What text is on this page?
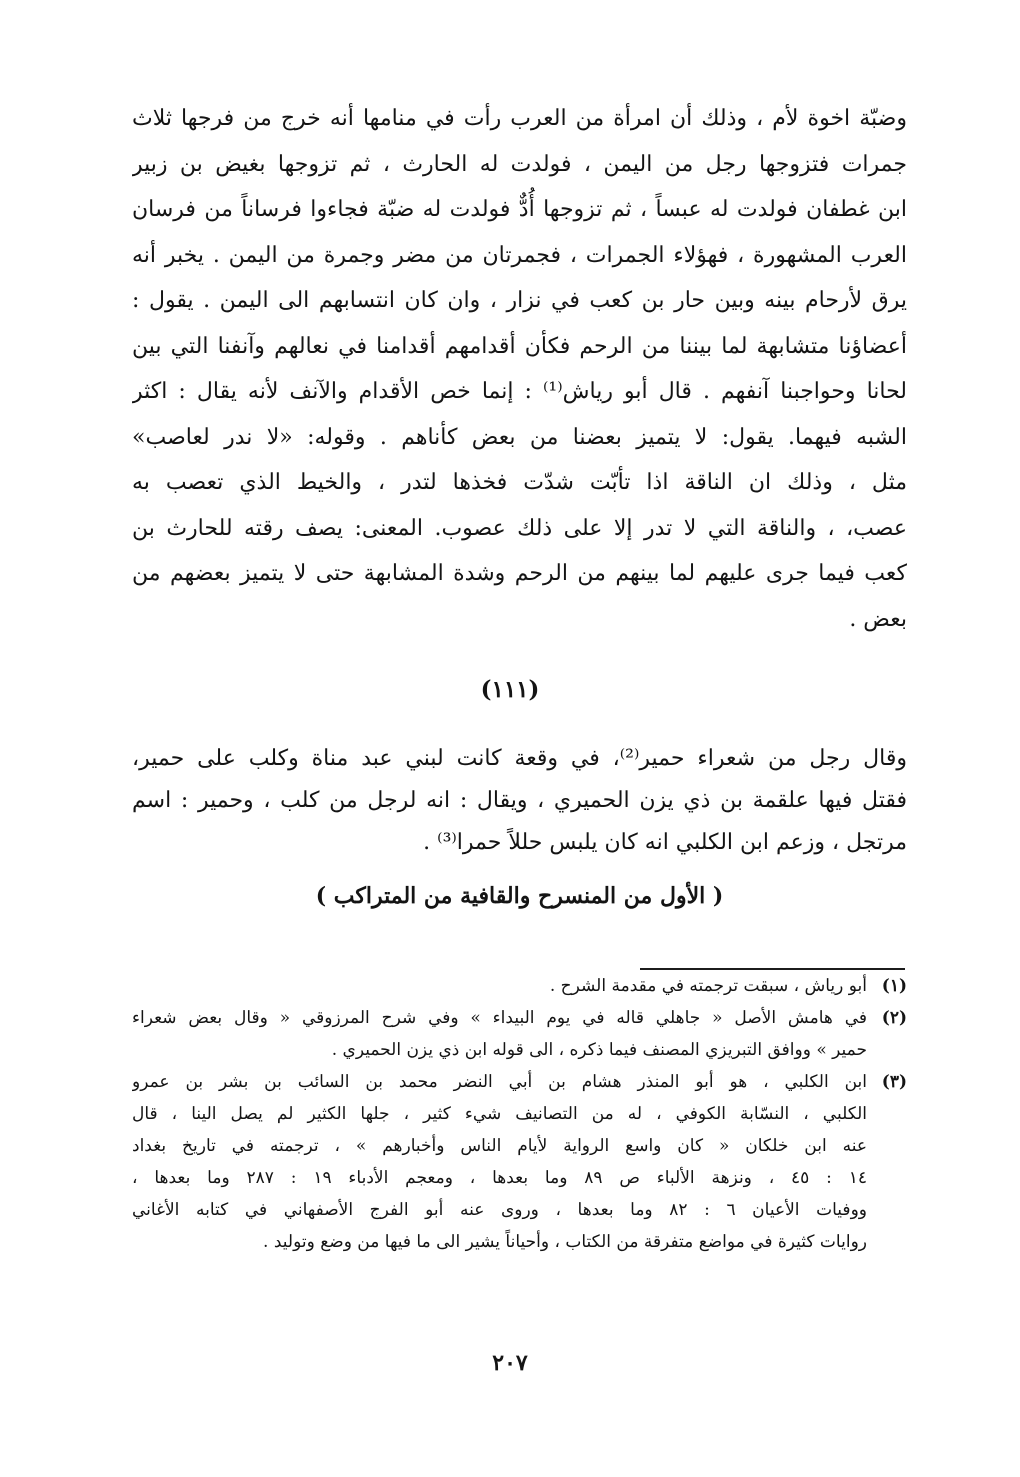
وضبّة اخوة لأم ، وذلك أن امرأة من العرب رأت في منامها أنه خرج من فرجها ثلاث
جمرات فتزوجها رجل من اليمن ، فولدت له الحارث ، ثم تزوجها بغيض بن زبير
ابن غطفان فولدت له عبساً ، ثم تزوجها أُدٌّ فولدت له ضبّة فجاءوا فرساناً من فرسان
العرب المشهورة ، فهؤلاء الجمرات ، فجمرتان من مضر وجمرة من اليمن . يخبر أنه
يرق لأرحام بينه وبين حار بن كعب في نزار ، وان كان انتسابهم الى اليمن . يقول :
أعضاؤنا متشابهة لما بيننا من الرحم فكأن أقدامهم أقدامنا في نعالهم وآنفنا التي بين
لحانا وحواجبنا آنفهم . قال أبو رياش⁽¹⁾ : إنما خص الأقدام والآنف لأنه يقال : اكثر
الشبه فيهما. يقول: لا يتميز بعضنا من بعض كأناهم . وقوله: «لا ندر لعاصب»
مثل ، وذلك ان الناقة اذا تأبّت شدّت فخذها لتدر ، والخيط الذي تعصب به
عصب، ، والناقة التي لا تدر إلا على ذلك عصوب. المعنى: يصف رقته للحارث بن
كعب فيما جرى عليهم لما بينهم من الرحم وشدة المشابهة حتى لا يتميز بعضهم من
بعض .
(١١١)
وقال رجل من شعراء حمير⁽²⁾، في وقعة كانت لبني عبد مناة وكلب على حمير،
فقتل فيها علقمة بن ذي يزن الحميري ، ويقال : انه لرجل من كلب ، وحمير : اسم
مرتجل ، وزعم ابن الكلبي انه كان يلبس حللاً حمرا⁽³⁾ .
( الأول من المنسرح والقافية من المتراكب )
(١)
أبو رياش ، سبقت ترجمته في مقدمة الشرح .
(٢)
في هامش الأصل « جاهلي قاله في يوم البيداء » وفي شرح المرزوقي « وقال بعض شعراء
حمير » ووافق التبريزي المصنف فيما ذكره ، الى قوله ابن ذي يزن الحميري .
(٣)
ابن الكلبي ، هو أبو المنذر هشام بن أبي النضر محمد بن السائب بن بشر بن عمرو
الكلبي ، النسّابة الكوفي ، له من التصانيف شيء كثير ، جلها الكثير لم يصل الينا ، قال
عنه ابن خلكان « كان واسع الرواية لأيام الناس وأخبارهم » ، ترجمته في تاريخ بغداد
١٤ : ٤٥ ، ونزهة الألباء ص ٨٩ وما بعدها ، ومعجم الأدباء ١٩ : ٢٨٧ وما بعدها ،
ووفيات الأعيان ٦ : ٨٢ وما بعدها ، وروى عنه أبو الفرج الأصفهاني في كتابه الأغاني
روايات كثيرة في مواضع متفرقة من الكتاب ، وأحياناً يشير الى ما فيها من وضع وتوليد .
٢٠٧
